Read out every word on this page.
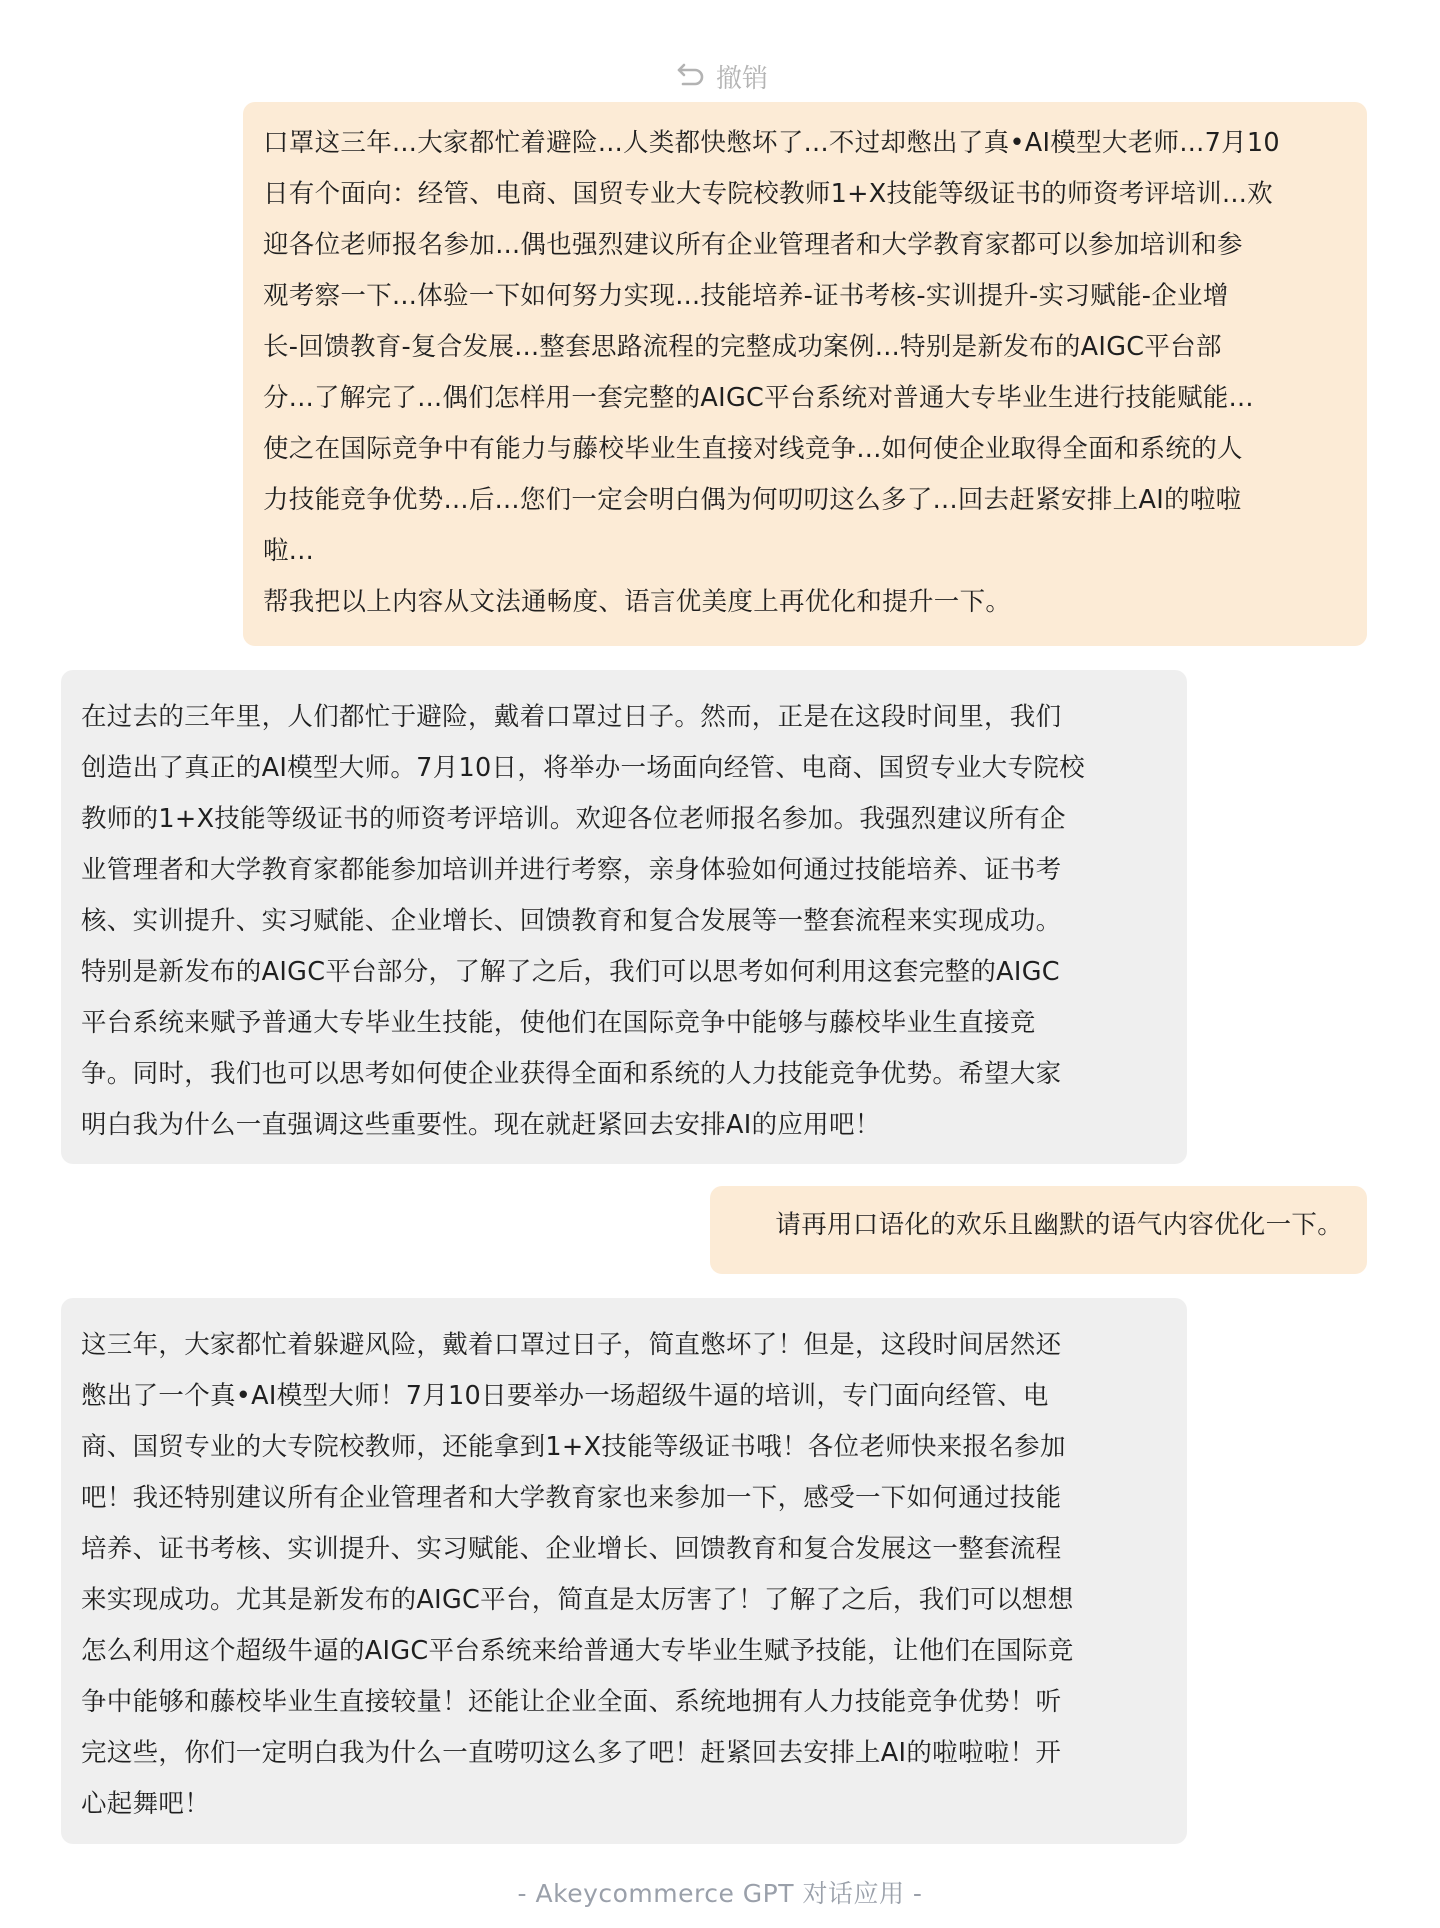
撤销
口罩这三年...大家都忙着避险...人类都快憋坏了...不过却憋出了真•AI模型大老师...7月10
日有个面向：经管、电商、国贸专业大专院校教师1+X技能等级证书的师资考评培训...欢
迎各位老师报名参加...偶也强烈建议所有企业管理者和大学教育家都可以参加培训和参
观考察一下...体验一下如何努力实现...技能培养-证书考核-实训提升-实习赋能-企业增
长-回馈教育-复合发展...整套思路流程的完整成功案例...特别是新发布的AIGC平台部
分...了解完了...偶们怎样用一套完整的AIGC平台系统对普通大专毕业生进行技能赋能...
使之在国际竞争中有能力与藤校毕业生直接对线竞争...如何使企业取得全面和系统的人
力技能竞争优势...后...您们一定会明白偶为何叨叨这么多了...回去赶紧安排上AI的啦啦
啦...
帮我把以上内容从文法通畅度、语言优美度上再优化和提升一下。
在过去的三年里，人们都忙于避险，戴着口罩过日子。然而，正是在这段时间里，我们
创造出了真正的AI模型大师。7月10日，将举办一场面向经管、电商、国贸专业大专院校
教师的1+X技能等级证书的师资考评培训。欢迎各位老师报名参加。我强烈建议所有企
业管理者和大学教育家都能参加培训并进行考察，亲身体验如何通过技能培养、证书考
核、实训提升、实习赋能、企业增长、回馈教育和复合发展等一整套流程来实现成功。
特别是新发布的AIGC平台部分，了解了之后，我们可以思考如何利用这套完整的AIGC
平台系统来赋予普通大专毕业生技能，使他们在国际竞争中能够与藤校毕业生直接竞
争。同时，我们也可以思考如何使企业获得全面和系统的人力技能竞争优势。希望大家
明白我为什么一直强调这些重要性。现在就赶紧回去安排AI的应用吧！
请再用口语化的欢乐且幽默的语气内容优化一下。
这三年，大家都忙着躲避风险，戴着口罩过日子，简直憋坏了！但是，这段时间居然还
憋出了一个真•AI模型大师！7月10日要举办一场超级牛逼的培训，专门面向经管、电
商、国贸专业的大专院校教师，还能拿到1+X技能等级证书哦！各位老师快来报名参加
吧！我还特别建议所有企业管理者和大学教育家也来参加一下，感受一下如何通过技能
培养、证书考核、实训提升、实习赋能、企业增长、回馈教育和复合发展这一整套流程
来实现成功。尤其是新发布的AIGC平台，简直是太厉害了！了解了之后，我们可以想想
怎么利用这个超级牛逼的AIGC平台系统来给普通大专毕业生赋予技能，让他们在国际竞
争中能够和藤校毕业生直接较量！还能让企业全面、系统地拥有人力技能竞争优势！听
完这些，你们一定明白我为什么一直唠叨这么多了吧！赶紧回去安排上AI的啦啦啦！开
心起舞吧！
- Akeycommerce GPT 对话应用 -
